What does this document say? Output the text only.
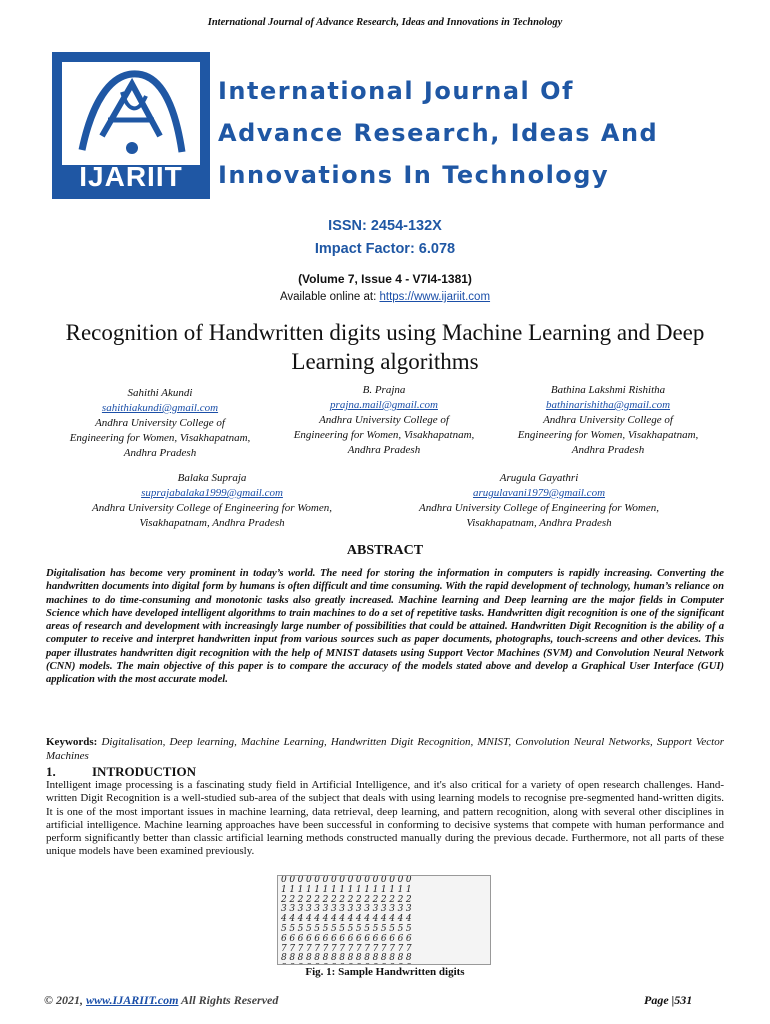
International Journal of Advance Research, Ideas and Innovations in Technology
IJARIIT
International Journal Of
Advance Research, Ideas And
Innovations In Technology
ISSN: 2454-132X
Impact Factor: 6.078
(Volume 7, Issue 4 - V7I4-1381)
Available online at: https://www.ijariit.com
Recognition of Handwritten digits using Machine Learning and Deep Learning algorithms
Sahithi Akundi
sahithiakundi@gmail.com
Andhra University College of
Engineering for Women, Visakhapatnam,
Andhra Pradesh
B. Prajna
prajna.mail@gmail.com
Andhra University College of
Engineering for Women, Visakhapatnam,
Andhra Pradesh
Bathina Lakshmi Rishitha
bathinarishitha@gmail.com
Andhra University College of
Engineering for Women, Visakhapatnam,
Andhra Pradesh
Balaka Supraja
suprajabalaka1999@gmail.com
Andhra University College of Engineering for Women,
Visakhapatnam, Andhra Pradesh
Arugula Gayathri
arugulavani1979@gmail.com
Andhra University College of Engineering for Women,
Visakhapatnam, Andhra Pradesh
ABSTRACT
Digitalisation has become very prominent in today’s world. The need for storing the information in computers is rapidly increasing. Converting the handwritten documents into digital form by humans is often difficult and time consuming. With the rapid development of technology, human’s reliance on machines to do time-consuming and monotonic tasks also greatly increased. Machine learning and Deep learning are the major fields in Computer Science which have developed intelligent algorithms to train machines to do a set of repetitive tasks. Handwritten digit recognition is one of the significant areas of research and development with increasingly large number of possibilities that could be attained. Handwritten Digit Recognition is the ability of a computer to receive and interpret handwritten input from various sources such as paper documents, photographs, touch-screens and other devices. This paper illustrates handwritten digit recognition with the help of MNIST datasets using Support Vector Machines (SVM) and Convolution Neural Network (CNN) models. The main objective of this paper is to compare the accuracy of the models stated above and develop a Graphical User Interface (GUI) application with the most accurate model.
Keywords: Digitalisation, Deep learning, Machine Learning, Handwritten Digit Recognition, MNIST, Convolution Neural Networks, Support Vector Machines
1.	INTRODUCTION
Intelligent image processing is a fascinating study field in Artificial Intelligence, and it's also critical for a variety of open research challenges. Hand-written Digit Recognition is a well-studied sub-area of the subject that deals with using learning models to recognise pre-segmented hand-written digits. It is one of the most important issues in machine learning, data retrieval, deep learning, and pattern recognition, along with several other disciplines in artificial intelligence. Machine learning approaches have been successful in conforming to decisive systems that compete with human performance and perform significantly better than classic artificial learning methods constructed manually during the previous decade. Furthermore, not all parts of these unique models have been examined previously.
0000000000000000
1111111111111111
2222222222222222
3333333333333333
4444444444444444
5555555555555555
6666666666666666
7777777777777777
8888888888888888
Fig. 1: Sample Handwritten digits
© 2021, www.IJARIIT.com All Rights Reserved	Page |531
